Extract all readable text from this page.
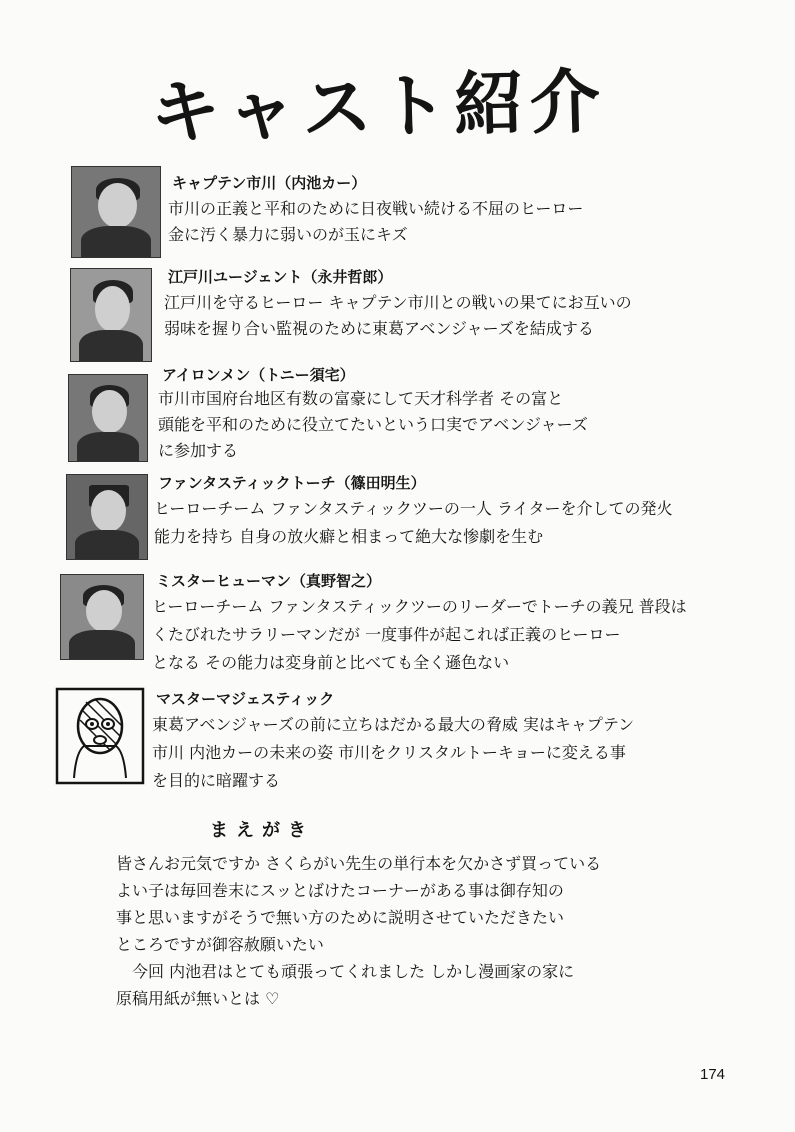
キャスト紹介
キャプテン市川（内池カー）
市川の正義と平和のために日夜戦い続ける不屈のヒーロー
金に汚く暴力に弱いのが玉にキズ
江戸川ユージェント（永井哲郎）
江戸川を守るヒーロー キャプテン市川との戦いの果てにお互いの
弱味を握り合い監視のために東葛アベンジャーズを結成する
アイロンメン（トニー須宅）
市川市国府台地区有数の富豪にして天才科学者 その富と
頭能を平和のために役立てたいという口実でアベンジャーズ
に参加する
ファンタスティックトーチ（篠田明生）
ヒーローチーム ファンタスティックツーの一人 ライターを介しての発火
能力を持ち 自身の放火癖と相まって絶大な惨劇を生む
ミスターヒューマン（真野智之）
ヒーローチーム ファンタスティックツーのリーダーでトーチの義兄 普段は
くたびれたサラリーマンだが 一度事件が起これば正義のヒーロー
となる その能力は変身前と比べても全く遜色ない
マスターマジェスティック
東葛アベンジャーズの前に立ちはだかる最大の脅威 実はキャプテン
市川 内池カーの未来の姿 市川をクリスタルトーキョーに変える事
を目的に暗躍する
まえがき
皆さんお元気ですか さくらがい先生の単行本を欠かさず買っている
よい子は毎回巻末にスッとばけたコーナーがある事は御存知の
事と思いますがそうで無い方のために説明させていただきたい
ところですが御容赦願いたい
　今回 内池君はとても頑張ってくれました しかし漫画家の家に
原稿用紙が無いとは ♡
174
